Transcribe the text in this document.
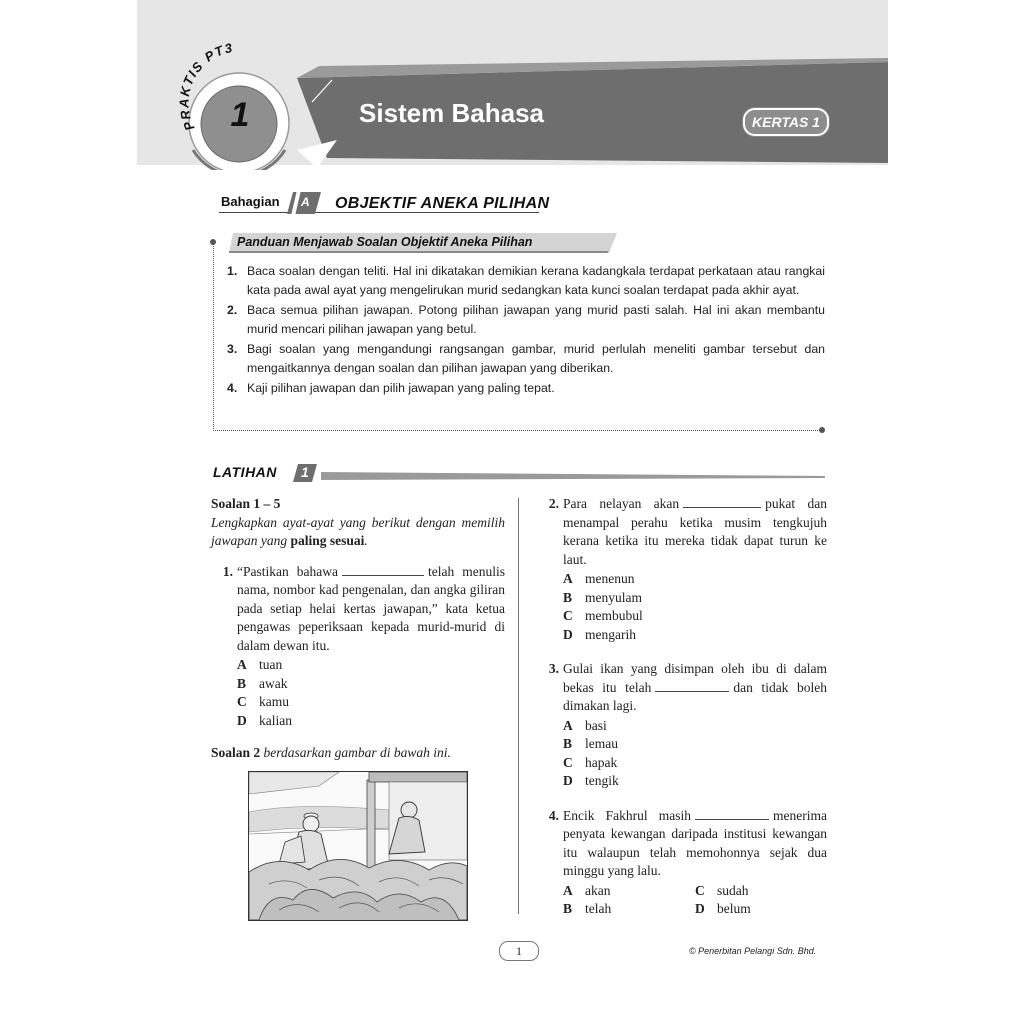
PRAKTIS PT3
1	Sistem Bahasa	KERTAS 1
Bahagian A OBJEKTIF ANEKA PILIHAN
Panduan Menjawab Soalan Objektif Aneka Pilihan
1. Baca soalan dengan teliti. Hal ini dikatakan demikian kerana kadangkala terdapat perkataan atau rangkai kata pada awal ayat yang mengelirukan murid sedangkan kata kunci soalan terdapat pada akhir ayat.
2. Baca semua pilihan jawapan. Potong pilihan jawapan yang murid pasti salah. Hal ini akan membantu murid mencari pilihan jawapan yang betul.
3. Bagi soalan yang mengandungi rangsangan gambar, murid perlulah meneliti gambar tersebut dan mengaitkannya dengan soalan dan pilihan jawapan yang diberikan.
4. Kaji pilihan jawapan dan pilih jawapan yang paling tepat.
LATIHAN 1
Soalan 1 – 5
Lengkapkan ayat-ayat yang berikut dengan memilih jawapan yang paling sesuai.
1. “Pastikan bahawa	telah menulis nama, nombor kad pengenalan, dan angka giliran pada setiap helai kertas jawapan,” kata ketua pengawas peperiksaan kepada murid-murid di dalam dewan itu.
A tuan
B awak
C kamu
D kalian
Soalan 2 berdasarkan gambar di bawah ini.
2. Para nelayan akan	pukat dan menampal perahu ketika musim tengkujuh kerana ketika itu mereka tidak dapat turun ke laut.
A menenun
B menyulam
C membubul
D mengarih
3. Gulai ikan yang disimpan oleh ibu di dalam bekas itu telah	dan tidak boleh dimakan lagi.
A basi
B lemau
C hapak
D tengik
4. Encik Fakhrul masih	menerima penyata kewangan daripada institusi kewangan itu walaupun telah memohonnya sejak dua minggu yang lalu.
A akan	C sudah
B telah	D belum
1	© Penerbitan Pelangi Sdn. Bhd.
